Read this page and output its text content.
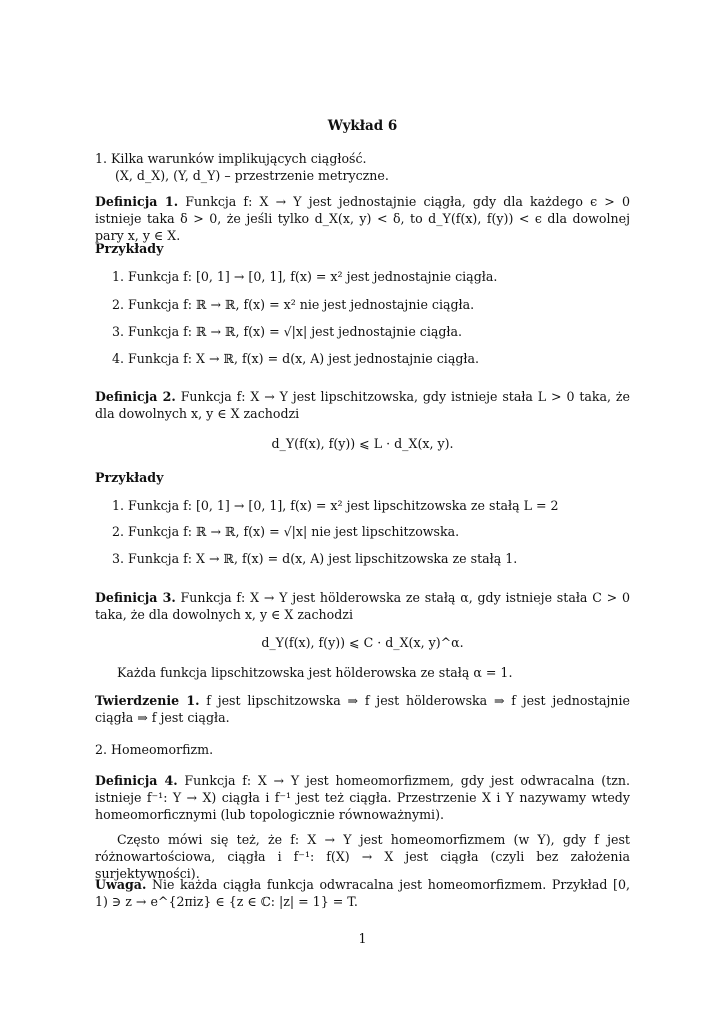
Wykład 6
1. Kilka warunków implikujących ciągłość.
(X, d_X), (Y, d_Y) – przestrzenie metryczne.
Definicja 1. Funkcja f: X → Y jest jednostajnie ciągła, gdy dla każdego ϵ > 0 istnieje taka δ > 0, że jeśli tylko d_X(x, y) < δ, to d_Y(f(x), f(y)) < ϵ dla dowolnej pary x, y ∈ X.
Przykłady
1. Funkcja f: [0, 1] → [0, 1], f(x) = x² jest jednostajnie ciągła.
2. Funkcja f: ℝ → ℝ, f(x) = x² nie jest jednostajnie ciągła.
3. Funkcja f: ℝ → ℝ, f(x) = √|x| jest jednostajnie ciągła.
4. Funkcja f: X → ℝ, f(x) = d(x, A) jest jednostajnie ciągła.
Definicja 2. Funkcja f: X → Y jest lipschitzowska, gdy istnieje stała L > 0 taka, że dla dowolnych x, y ∈ X zachodzi
d_Y(f(x), f(y)) ⩽ L · d_X(x, y).
Przykłady
1. Funkcja f: [0, 1] → [0, 1], f(x) = x² jest lipschitzowska ze stałą L = 2
2. Funkcja f: ℝ → ℝ, f(x) = √|x| nie jest lipschitzowska.
3. Funkcja f: X → ℝ, f(x) = d(x, A) jest lipschitzowska ze stałą 1.
Definicja 3. Funkcja f: X → Y jest hölderowska ze stałą α, gdy istnieje stała C > 0 taka, że dla dowolnych x, y ∈ X zachodzi
d_Y(f(x), f(y)) ⩽ C · d_X(x, y)^α.
Każda funkcja lipschitzowska jest hölderowska ze stałą α = 1.
Twierdzenie 1. f jest lipschitzowska ⇒ f jest hölderowska ⇒ f jest jednostajnie ciągła ⇒ f jest ciągła.
2. Homeomorfizm.
Definicja 4. Funkcja f: X → Y jest homeomorfizmem, gdy jest odwracalna (tzn. istnieje f⁻¹: Y → X) ciągła i f⁻¹ jest też ciągła. Przestrzenie X i Y nazywamy wtedy homeomorficznymi (lub topologicznie równoważnymi).
Często mówi się też, że f: X → Y jest homeomorfizmem (w Y), gdy f jest różnowartościowa, ciągła i f⁻¹: f(X) → X jest ciągła (czyli bez założenia surjektywności).
Uwaga. Nie każda ciągła funkcja odwracalna jest homeomorfizmem. Przykład [0, 1) ∋ z → e^{2πiz} ∈ {z ∈ ℂ: |z| = 1} = T.
1
